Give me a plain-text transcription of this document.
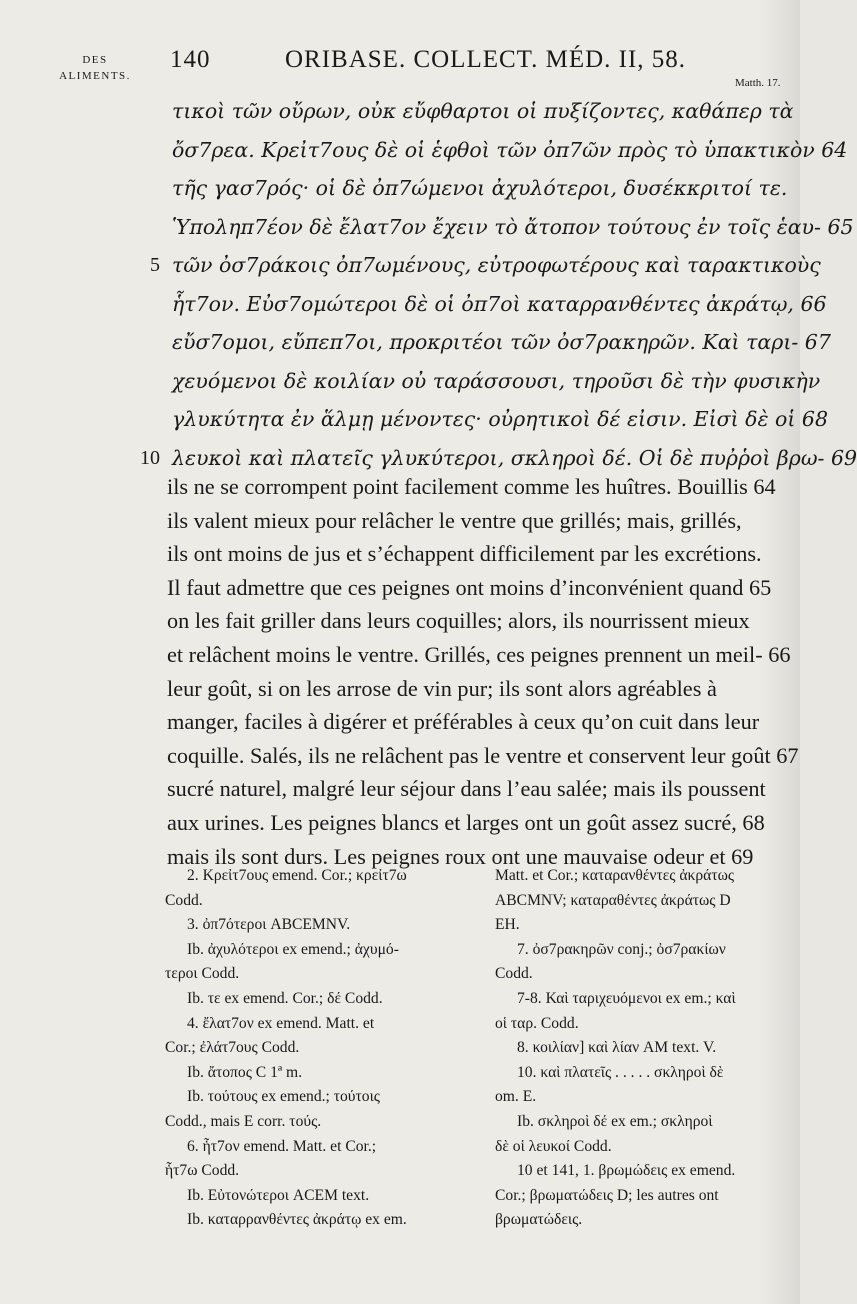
DES
ALIMENTS.
140	ORIBASE. COLLECT. MÉD. II, 58.
Matth. 17.
τικοὶ τῶν οὔρων, οὐκ εὔφθαρτοι οἱ πυξίζοντες, καθάπερ τὰ
ὄσ7ρεα. Κρεἰτ7ους δὲ οἱ ἑφθοὶ τῶν ὀπ7ῶν πρὸς τὸ ὑπακτικὸν 64
τῆς γασ7ρός· οἱ δὲ ὀπ7ώμενοι ἀχυλότεροι, δυσέκκριτοί τε.
Ὑποληπ7έον δὲ ἔλατ7ον ἔχειν τὸ ἄτοπον τούτους ἐν τοῖς ἑαυ- 65
5 τῶν ὀσ7ράκοις ὀπ7ωμένους, εὐτροφωτέρους καὶ ταρακτικοὺς
ἧτ7ον. Εὐσ7ομώτεροι δὲ οἱ ὀπ7οὶ καταρρανθέντες ἀκράτῳ, 66
εὔσ7ομοι, εὔπεπ7οι, προκριτέοι τῶν ὀσ7ρακηρῶν. Καὶ ταρι- 67
χευόμενοι δὲ κοιλίαν οὐ ταράσσουσι, τηροῦσι δὲ τὴν φυσικὴν
γλυκύτητα ἐν ἅλμῃ μένοντες· οὐρητικοὶ δέ εἰσιν. Εἰσὶ δὲ οἱ 68
10 λευκοὶ καὶ πλατεῖς γλυκύτεροι, σκληροὶ δέ. Οἱ δὲ πυῤῥοὶ βρω- 69
ils ne se corrompent point facilement comme les huîtres. Bouillis 64
ils valent mieux pour relâcher le ventre que grillés; mais, grillés,
ils ont moins de jus et s’échappent difficilement par les excrétions.
Il faut admettre que ces peignes ont moins d’inconvénient quand 65
on les fait griller dans leurs coquilles; alors, ils nourrissent mieux
et relâchent moins le ventre. Grillés, ces peignes prennent un meil- 66
leur goût, si on les arrose de vin pur; ils sont alors agréables à
manger, faciles à digérer et préférables à ceux qu’on cuit dans leur
coquille. Salés, ils ne relâchent pas le ventre et conservent leur goût 67
sucré naturel, malgré leur séjour dans l’eau salée; mais ils poussent
aux urines. Les peignes blancs et larges ont un goût assez sucré, 68
mais ils sont durs. Les peignes roux ont une mauvaise odeur et 69
2. Κρεἰτ7ους emend. Cor.; κρεἰτ7ω
Codd.
3. ὀπ7ότεροι ABCEMNV.
Ib. ἀχυλότεροι ex emend.; ἀχυμό-
τεροι Codd.
Ib. τε ex emend. Cor.; δέ Codd.
4. ἔλατ7ον ex emend. Matt. et
Cor.; ἐλάτ7ους Codd.
Ib. ἄτοπος C 1ª m.
Ib. τούτους ex emend.; τούτοις
Codd., mais E corr. τούς.
6. ἧτ7ον emend. Matt. et Cor.;
ἧτ7ω Codd.
Ib. Εὐτονώτεροι ACEM text.
Ib. καταρρανθέντες ἀκράτῳ ex em.
Matt. et Cor.; καταρανθέντες ἀκράτως
ABCMNV; καταραθέντες ἀκράτως D
EH.
7. ὀσ7ρακηρῶν conj.; ὀσ7ρακίων
Codd.
7-8. Καὶ ταριχευόμενοι ex em.; καὶ
οἱ ταρ. Codd.
8. κοιλίαν] καὶ λίαν AM text. V.
10. καὶ πλατεῖς . . . . . σκληροὶ δὲ
om. E.
Ib. σκληροὶ δέ ex em.; σκληροὶ
δὲ οἱ λευκοί Codd.
10 et 141, 1. βρωμώδεις ex emend.
Cor.; βρωματώδεις D; les autres ont
βρωματώδεις.
